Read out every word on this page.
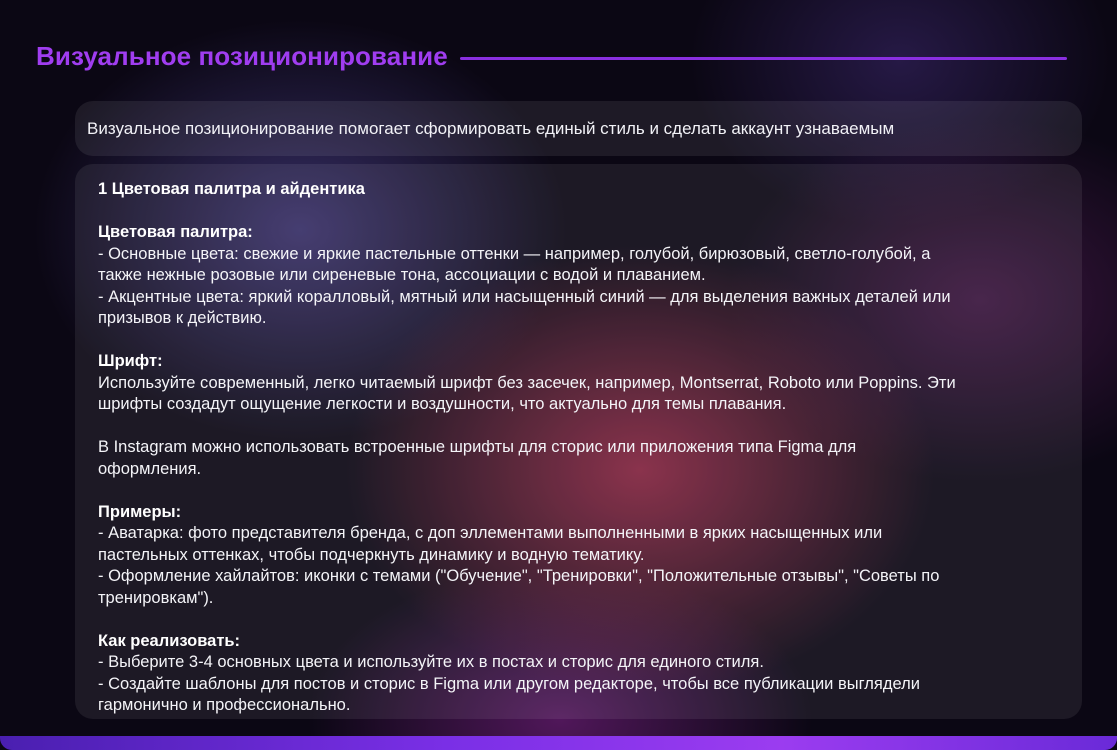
Визуальное позиционирование
Визуальное позиционирование помогает сформировать единый стиль и сделать аккаунт узнаваемым
1 Цветовая палитра и айдентика
Цветовая палитра:
- Основные цвета: свежие и яркие пастельные оттенки — например, голубой, бирюзовый, светло-голубой, а
также нежные розовые или сиреневые тона, ассоциации с водой и плаванием.
- Акцентные цвета: яркий коралловый, мятный или насыщенный синий — для выделения важных деталей или
призывов к действию.
Шрифт:
Используйте современный, легко читаемый шрифт без засечек, например, Montserrat, Roboto или Poppins. Эти
шрифты создадут ощущение легкости и воздушности, что актуально для темы плавания.
В Instagram можно использовать встроенные шрифты для сторис или приложения типа Figma для
оформления.
Примеры:
- Аватарка: фото представителя бренда, с доп эллементами выполненными в ярких насыщенных или
пастельных оттенках, чтобы подчеркнуть динамику и водную тематику.
- Оформление хайлайтов: иконки с темами ("Обучение", "Тренировки", "Положительные отзывы", "Советы по
тренировкам").
Как реализовать:
- Выберите 3-4 основных цвета и используйте их в постах и сторис для единого стиля.
- Создайте шаблоны для постов и сторис в Figma или другом редакторе, чтобы все публикации выглядели
гармонично и профессионально.
